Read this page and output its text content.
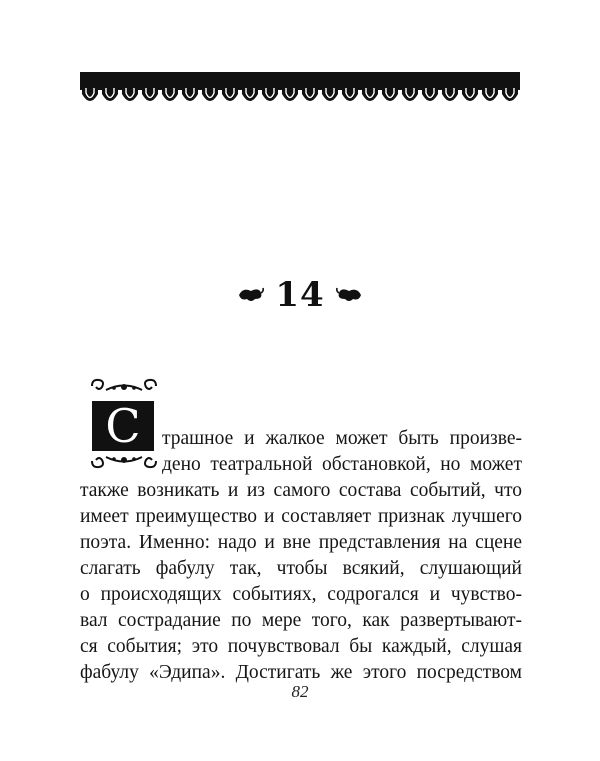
14
С	трашное и жалкое может быть произве-
дено театральной обстановкой, но может
также возникать и из самого состава событий, что
имеет преимущество и составляет признак лучшего
поэта. Именно: надо и вне представления на сцене
слагать фабулу так, чтобы всякий, слушающий
о происходящих событиях, содрогался и чувство-
вал сострадание по мере того, как развертывают-
ся события; это почувствовал бы каждый, слушая
фабулу «Эдипа». Достигать же этого посредством
82
